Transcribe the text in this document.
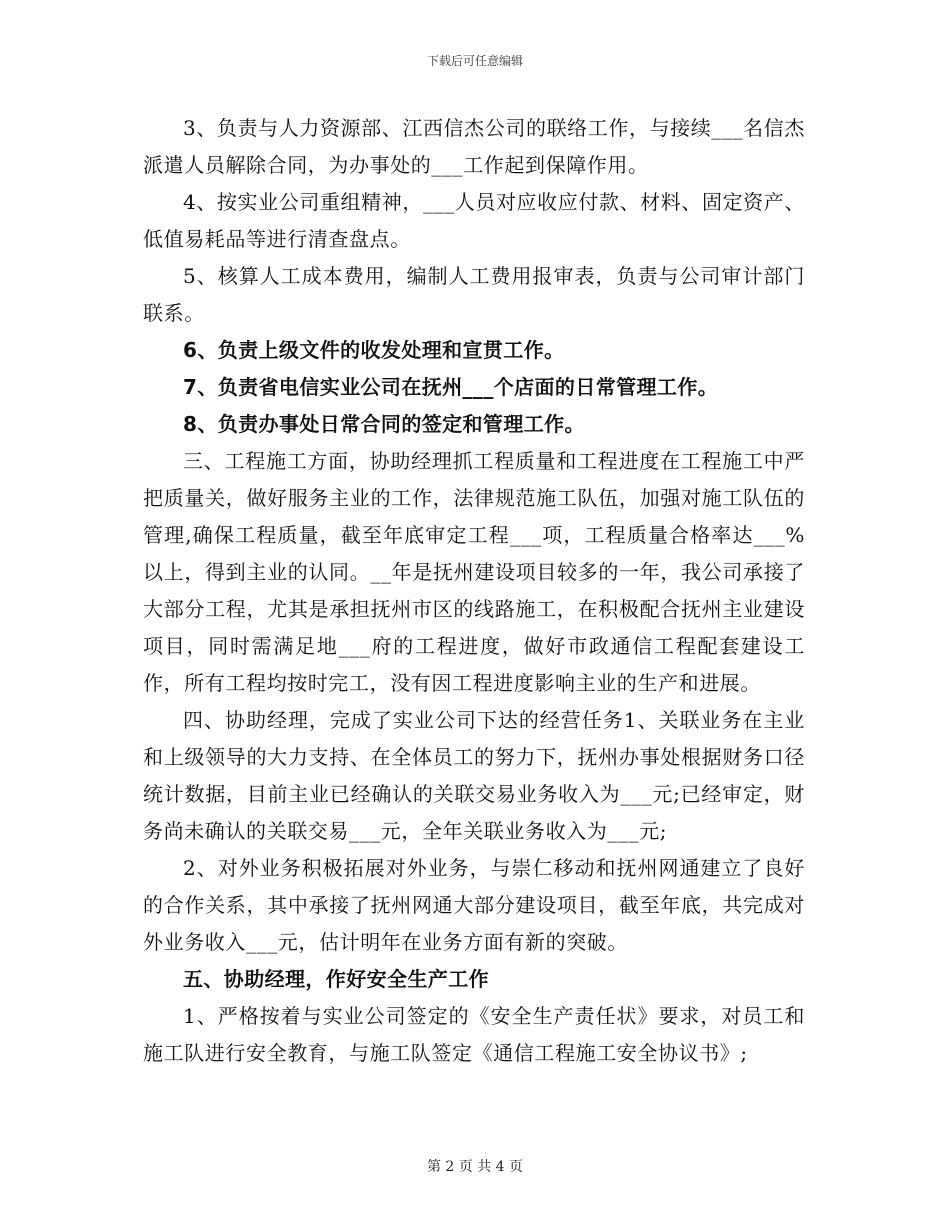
下载后可任意编辑

3、负责与人力资源部、江西信杰公司的联络工作，与接续___名信杰派遣人员解除合同，为办事处的___工作起到保障作用。

4、按实业公司重组精神，___人员对应收应付款、材料、固定资产、低值易耗品等进行清查盘点。

5、核算人工成本费用，编制人工费用报审表，负责与公司审计部门联系。

6、负责上级文件的收发处理和宣贯工作。

7、负责省电信实业公司在抚州___个店面的日常管理工作。

8、负责办事处日常合同的签定和管理工作。

三、工程施工方面，协助经理抓工程质量和工程进度在工程施工中严把质量关，做好服务主业的工作，法律规范施工队伍，加强对施工队伍的管理,确保工程质量，截至年底审定工程___项，工程质量合格率达___%以上，得到主业的认同。__年是抚州建设项目较多的一年，我公司承接了大部分工程，尤其是承担抚州市区的线路施工，在积极配合抚州主业建设项目，同时需满足地___府的工程进度，做好市政通信工程配套建设工作，所有工程均按时完工，没有因工程进度影响主业的生产和进展。

四、协助经理，完成了实业公司下达的经营任务1、关联业务在主业和上级领导的大力支持、在全体员工的努力下，抚州办事处根据财务口径统计数据，目前主业已经确认的关联交易业务收入为___元;已经审定，财务尚未确认的关联交易___元，全年关联业务收入为___元;

2、对外业务积极拓展对外业务，与崇仁移动和抚州网通建立了良好的合作关系，其中承接了抚州网通大部分建设项目，截至年底，共完成对外业务收入___元，估计明年在业务方面有新的突破。

五、协助经理，作好安全生产工作

1、严格按着与实业公司签定的《安全生产责任状》要求，对员工和施工队进行安全教育，与施工队签定《通信工程施工安全协议书》;

第 2 页 共 4 页
